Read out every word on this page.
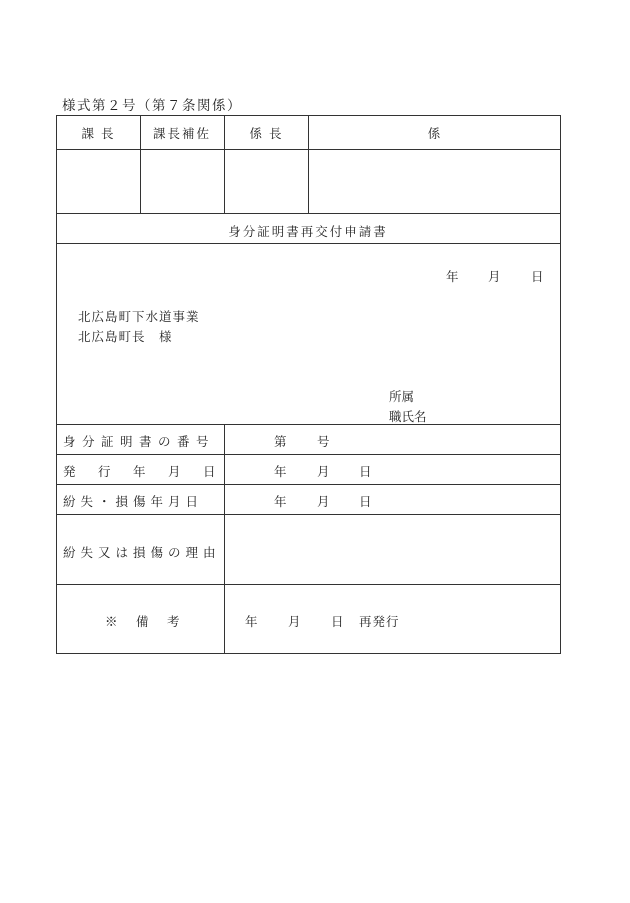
様式第２号（第７条関係）
課長	課長補佐	係長	係
身分証明書再交付申請書
年 月 日
北広島町下水道事業
北広島町長　様
所属
職氏名
身分証明書の番号	第 号
発行年月日	年 月 日
紛失・損傷年月日	年 月 日
紛失又は損傷の理由
※　備　考	年 月 日 再発行
